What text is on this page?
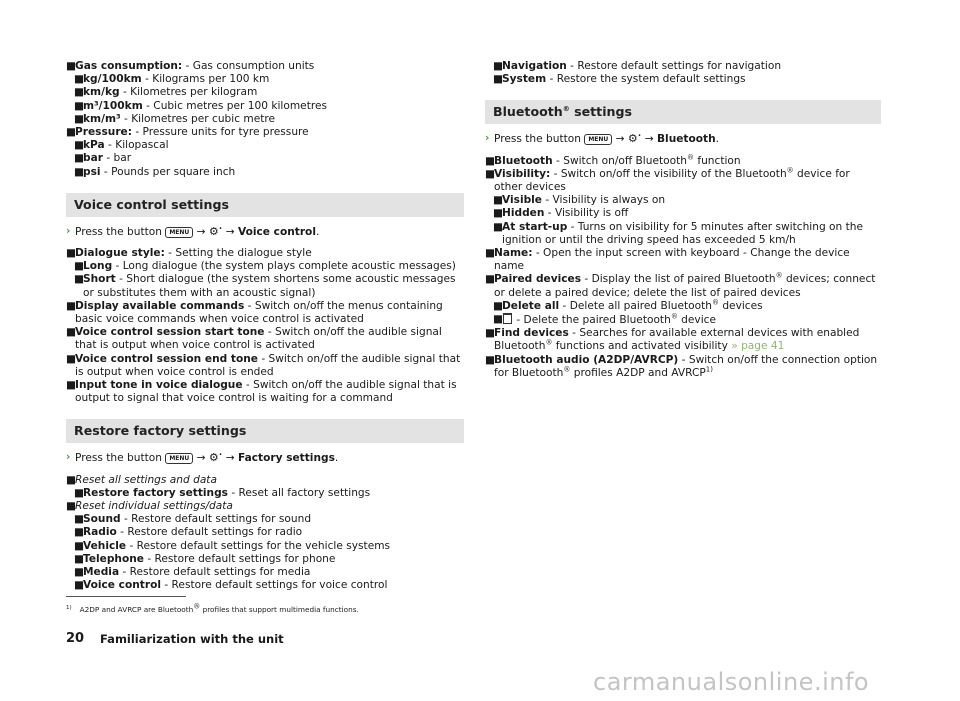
■
Gas consumption: - Gas consumption units
■
kg/100km - Kilograms per 100 km
■
km/kg - Kilometres per kilogram
■
m³/100km - Cubic metres per 100 kilometres
■
km/m³ - Kilometres per cubic metre
■
Pressure: - Pressure units for tyre pressure
■
kPa - Kilopascal
■
bar - bar
■
psi - Pounds per square inch
Voice control settings
› Press the button MENU → ⚙• → Voice control.
■
Dialogue style: - Setting the dialogue style
■
Long - Long dialogue (the system plays complete acoustic messages)
■
Short - Short dialogue (the system shortens some acoustic messages or substitutes them with an acoustic signal)
■
Display available commands - Switch on/off the menus containing basic voice commands when voice control is activated
■
Voice control session start tone - Switch on/off the audible signal that is output when voice control is activated
■
Voice control session end tone - Switch on/off the audible signal that is output when voice control is ended
■
Input tone in voice dialogue - Switch on/off the audible signal that is output to signal that voice control is waiting for a command
Restore factory settings
› Press the button MENU → ⚙• → Factory settings.
■
Reset all settings and data
■
Restore factory settings - Reset all factory settings
■
Reset individual settings/data
■
Sound - Restore default settings for sound
■
Radio - Restore default settings for radio
■
Vehicle - Restore default settings for the vehicle systems
■
Telephone - Restore default settings for phone
■
Media - Restore default settings for media
■
Voice control - Restore default settings for voice control
■
Navigation - Restore default settings for navigation
■
System - Restore the system default settings
Bluetooth® settings
› Press the button MENU → ⚙• → Bluetooth.
■
Bluetooth - Switch on/off Bluetooth® function
■
Visibility: - Switch on/off the visibility of the Bluetooth® device for other devices
■
Visible - Visibility is always on
■
Hidden - Visibility is off
■
At start-up - Turns on visibility for 5 minutes after switching on the ignition or until the driving speed has exceeded 5 km/h
■
Name: - Open the input screen with keyboard - Change the device name
■
Paired devices - Display the list of paired Bluetooth® devices; connect or delete a paired device; delete the list of paired devices
■
Delete all - Delete all paired Bluetooth® devices
■ - Delete the paired Bluetooth® device
■
Find devices - Searches for available external devices with enabled Bluetooth® functions and activated visibility » page 41
■
Bluetooth audio (A2DP/AVRCP) - Switch on/off the connection option for Bluetooth® profiles A2DP and AVRCP$^{1)}$
$^{1)}$ A2DP and AVRCP are Bluetooth® profiles that support multimedia functions.
20 Familiarization with the unit
carmanualsonline.info
